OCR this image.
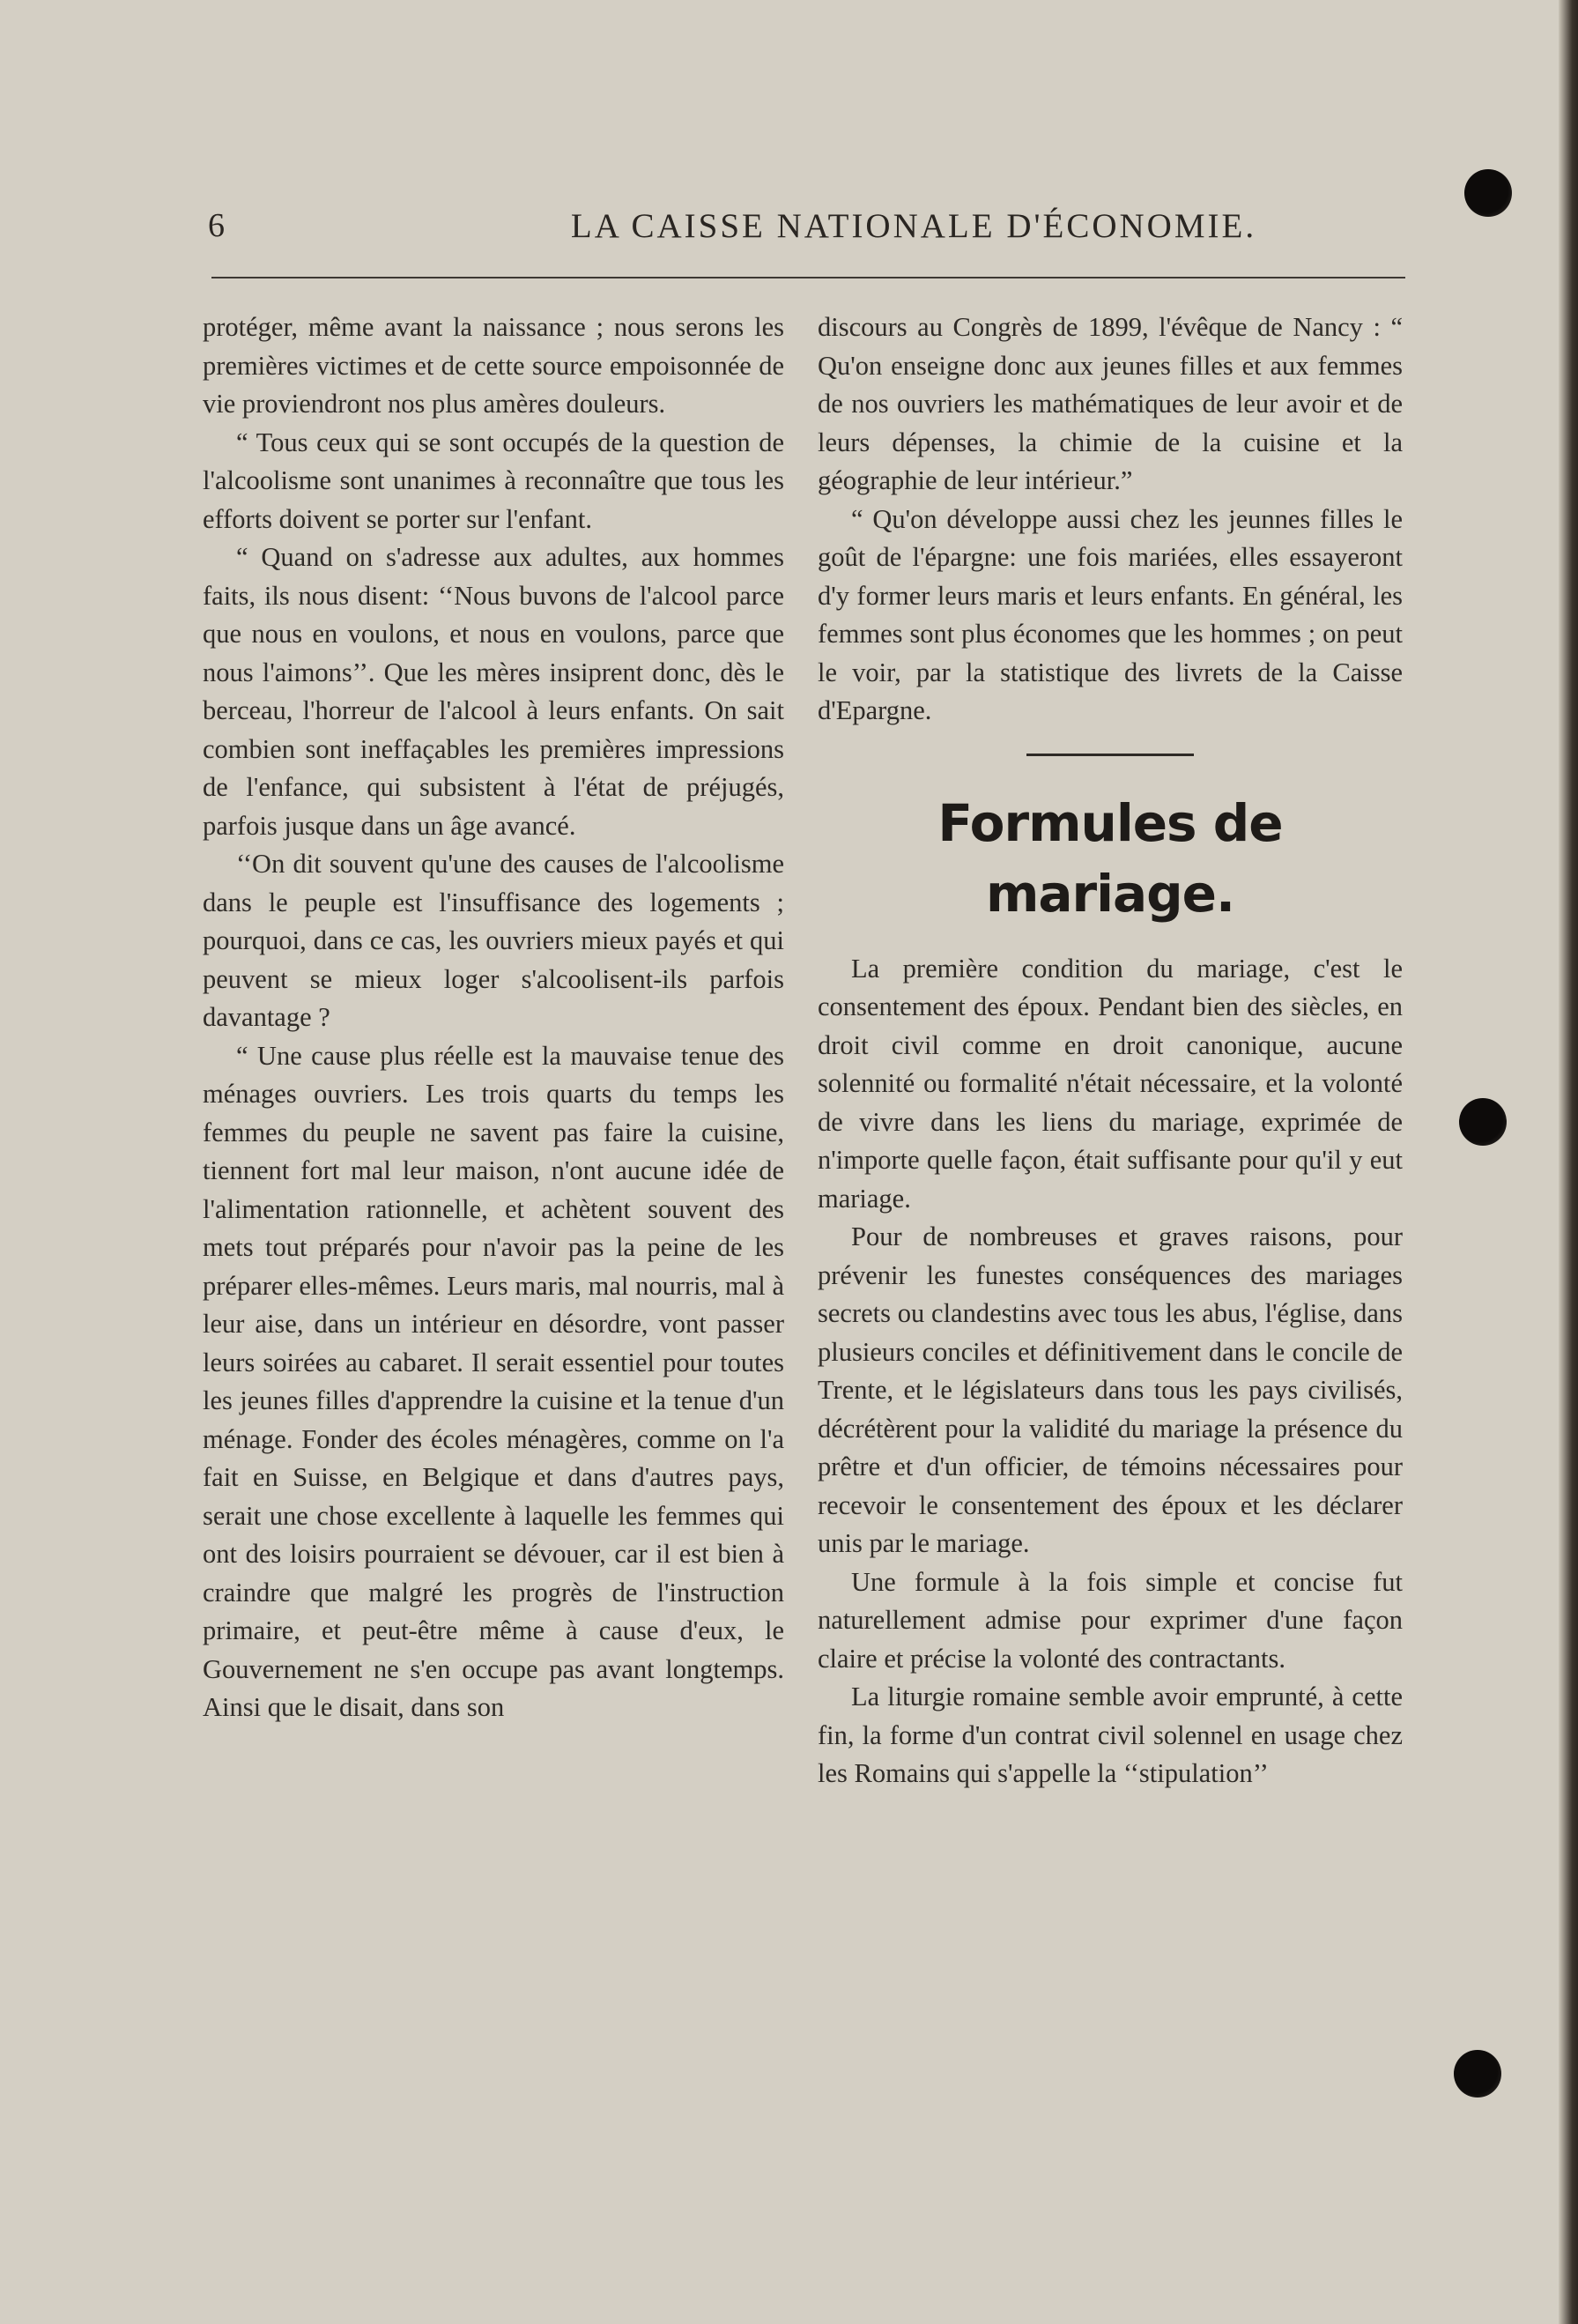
6	LA CAISSE NATIONALE D'ÉCONOMIE.

protéger, même avant la naissance ; nous serons les premières victimes et de cette source empoisonnée de vie proviendront nos plus amères douleurs.

“ Tous ceux qui se sont occupés de la question de l'alcoolisme sont unanimes à reconnaître que tous les efforts doivent se porter sur l'enfant.

“ Quand on s'adresse aux adultes, aux hommes faits, ils nous disent: ‘‘Nous buvons de l'alcool parce que nous en voulons, et nous en voulons, parce que nous l'aimons’’. Que les mères insiprent donc, dès le berceau, l'horreur de l'alcool à leurs enfants. On sait combien sont ineffaçables les premières impressions de l'enfance, qui subsistent à l'état de préjugés, parfois jusque dans un âge avancé.

‘‘On dit souvent qu'une des causes de l'alcoolisme dans le peuple est l'insuffisance des logements ; pourquoi, dans ce cas, les ouvriers mieux payés et qui peuvent se mieux loger s'alcoolisent-ils parfois davantage ?

“ Une cause plus réelle est la mauvaise tenue des ménages ouvriers. Les trois quarts du temps les femmes du peuple ne savent pas faire la cuisine, tiennent fort mal leur maison, n'ont aucune idée de l'alimentation rationnelle, et achètent souvent des mets tout préparés pour n'avoir pas la peine de les préparer elles-mêmes. Leurs maris, mal nourris, mal à leur aise, dans un intérieur en désordre, vont passer leurs soirées au cabaret. Il serait essentiel pour toutes les jeunes filles d'apprendre la cuisine et la tenue d'un ménage. Fonder des écoles ménagères, comme on l'a fait en Suisse, en Belgique et dans d'autres pays, serait une chose excellente à laquelle les femmes qui ont des loisirs pourraient se dévouer, car il est bien à craindre que malgré les progrès de l'instruction primaire, et peut-être même à cause d'eux, le Gouvernement ne s'en occupe pas avant longtemps. Ainsi que le disait, dans son

discours au Congrès de 1899, l'évêque de Nancy : “ Qu'on enseigne donc aux jeunes filles et aux femmes de nos ouvriers les mathématiques de leur avoir et de leurs dépenses, la chimie de la cuisine et la géographie de leur intérieur.”

“ Qu'on développe aussi chez les jeunnes filles le goût de l'épargne: une fois mariées, elles essayeront d'y former leurs maris et leurs enfants. En général, les femmes sont plus économes que les hommes ; on peut le voir, par la statistique des livrets de la Caisse d'Epargne.

Formules de mariage.

La première condition du mariage, c'est le consentement des époux. Pendant bien des siècles, en droit civil comme en droit canonique, aucune solennité ou formalité n'était nécessaire, et la volonté de vivre dans les liens du mariage, exprimée de n'importe quelle façon, était suffisante pour qu'il y eut mariage.

Pour de nombreuses et graves raisons, pour prévenir les funestes conséquences des mariages secrets ou clandestins avec tous les abus, l'église, dans plusieurs conciles et définitivement dans le concile de Trente, et le législateurs dans tous les pays civilisés, décrétèrent pour la validité du mariage la présence du prêtre et d'un officier, de témoins nécessaires pour recevoir le consentement des époux et les déclarer unis par le mariage.

Une formule à la fois simple et concise fut naturellement admise pour exprimer d'une façon claire et précise la volonté des contractants.

La liturgie romaine semble avoir emprunté, à cette fin, la forme d'un contrat civil solennel en usage chez les Romains qui s'appelle la ‘‘stipulation’’
